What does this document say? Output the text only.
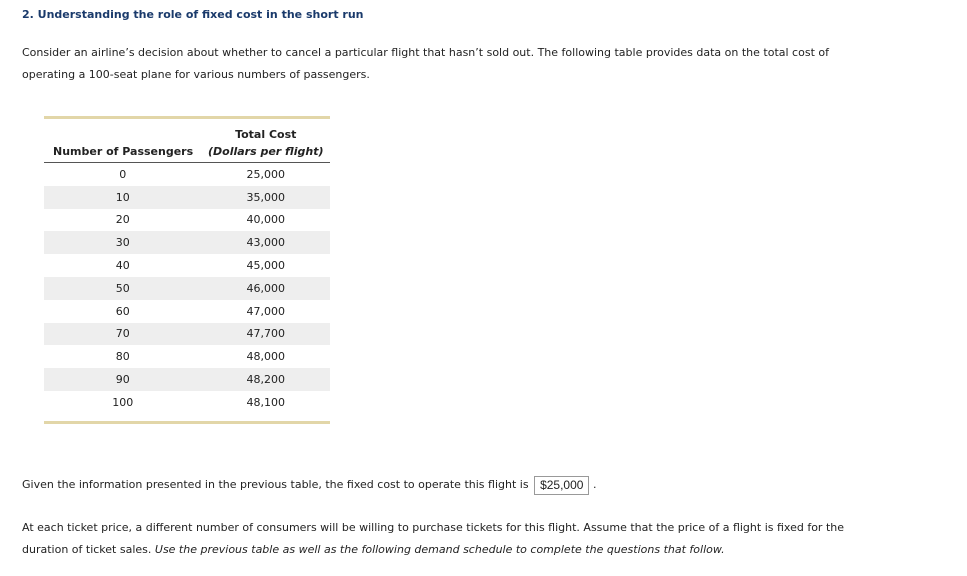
2. Understanding the role of fixed cost in the short run
Consider an airline’s decision about whether to cancel a particular flight that hasn’t sold out. The following table provides data on the total cost of
operating a 100-seat plane for various numbers of passengers.
	Total Cost
Number of Passengers	(Dollars per flight)
0	25,000
10	35,000
20	40,000
30	43,000
40	45,000
50	46,000
60	47,000
70	47,700
80	48,000
90	48,200
100	48,100
Given the information presented in the previous table, the fixed cost to operate this flight is $25,000 .
At each ticket price, a different number of consumers will be willing to purchase tickets for this flight. Assume that the price of a flight is fixed for the
duration of ticket sales. Use the previous table as well as the following demand schedule to complete the questions that follow.
